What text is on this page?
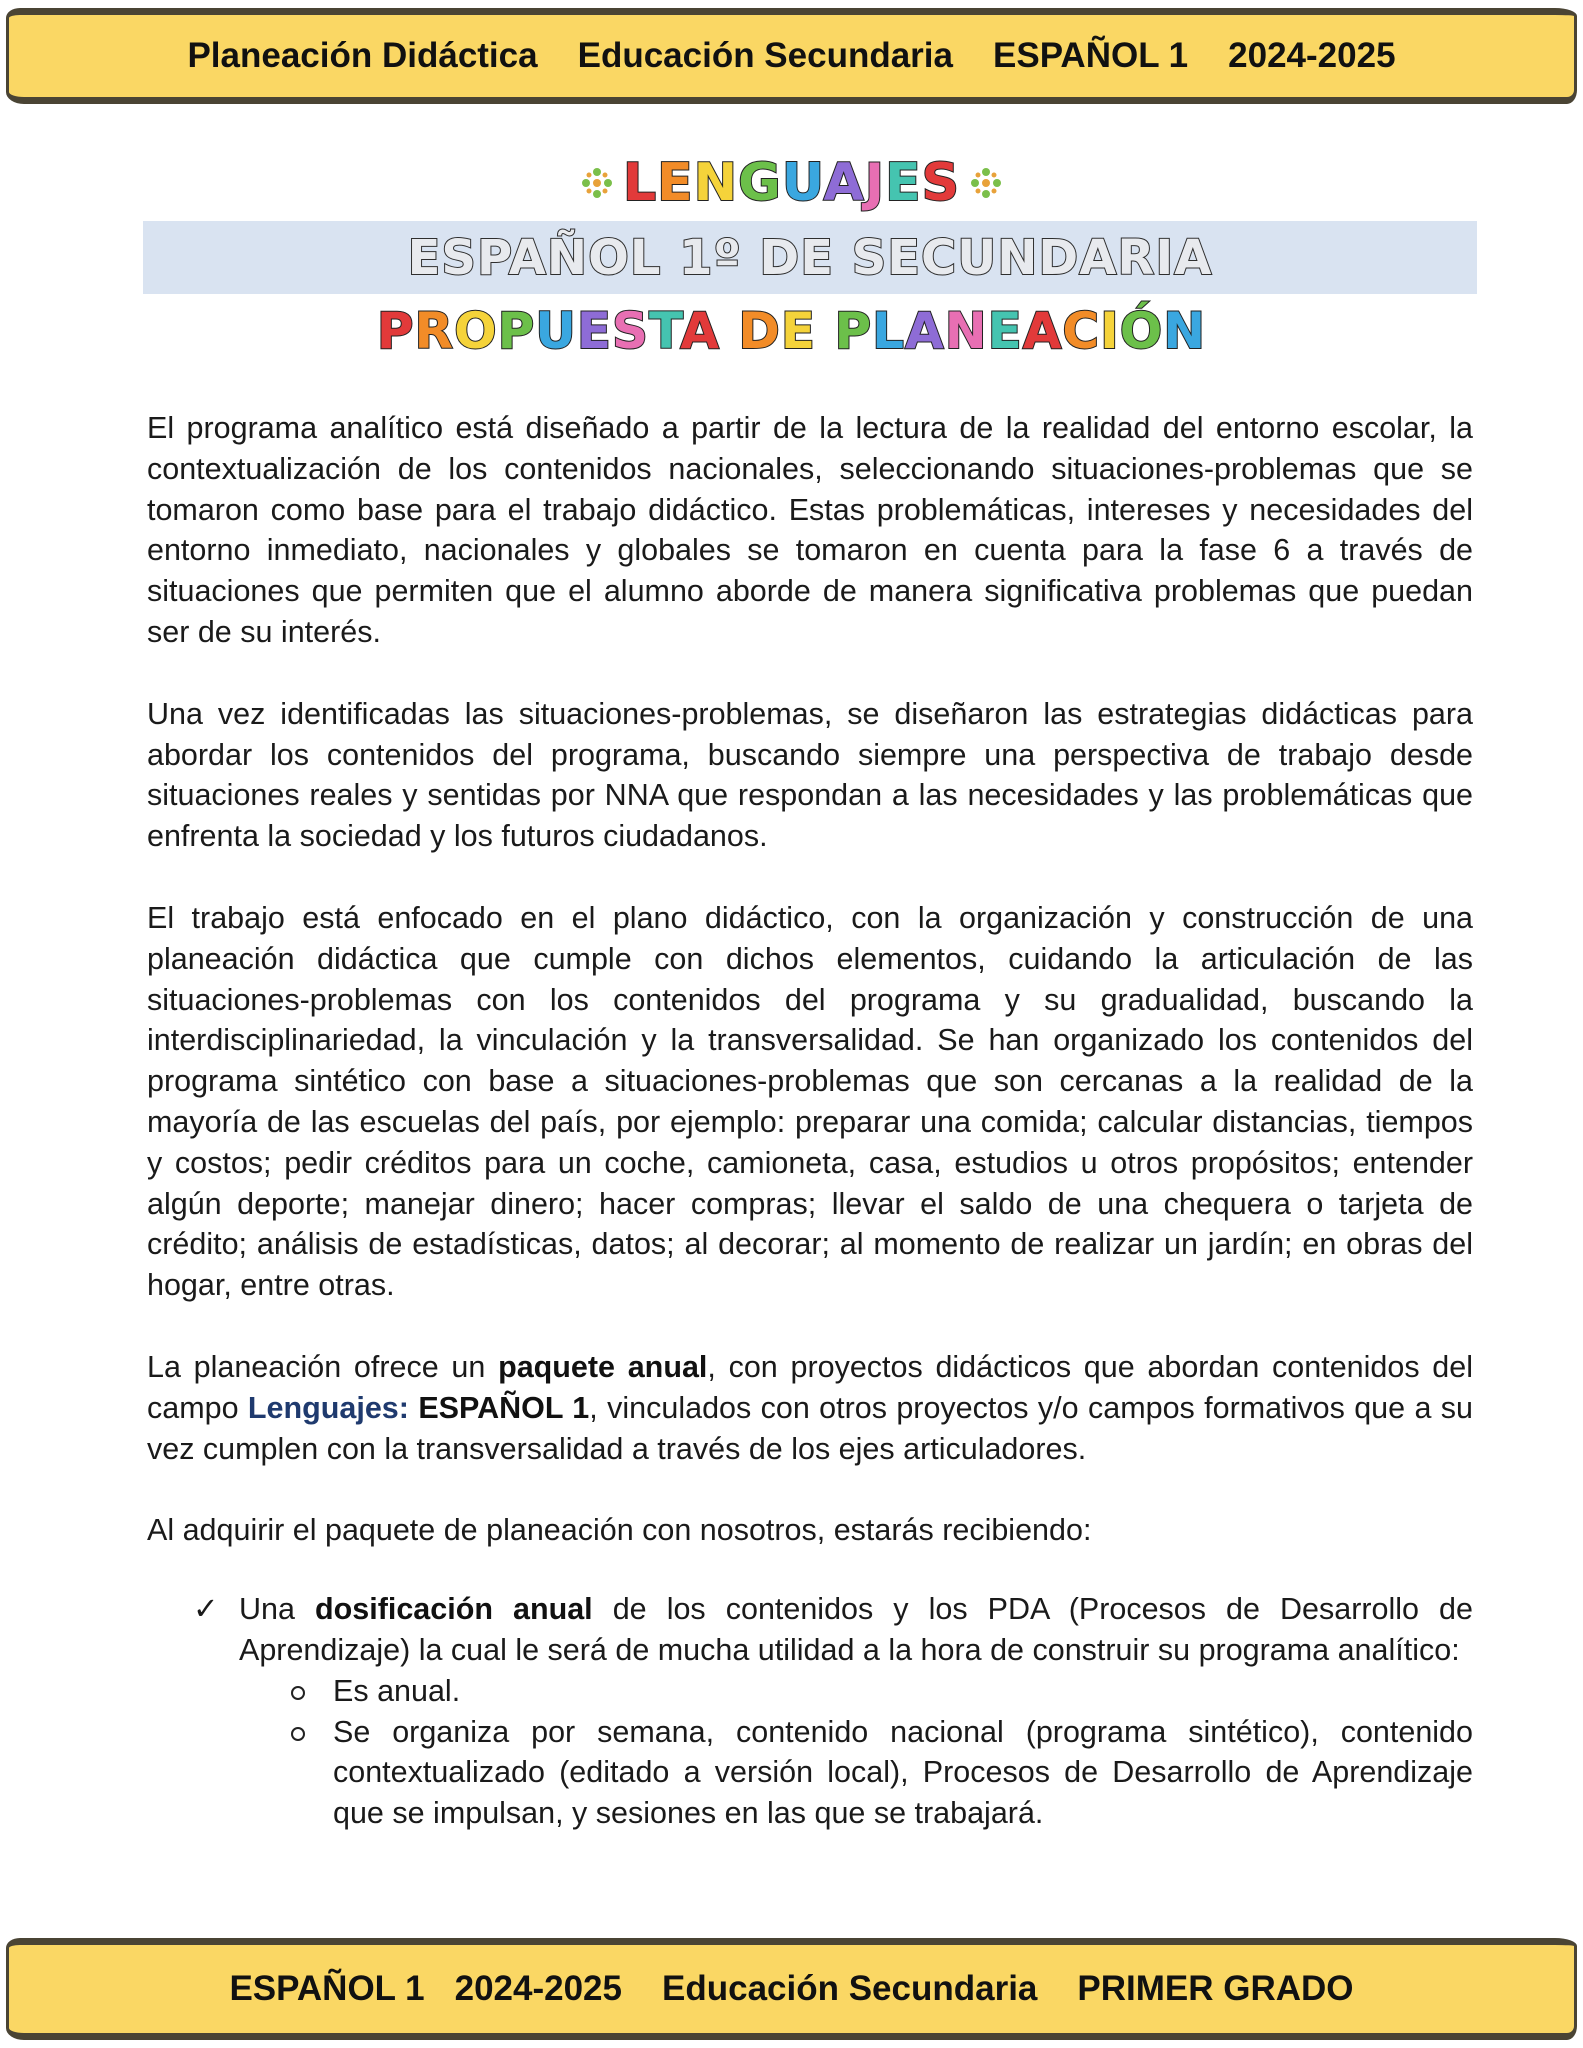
Planeación Didáctica Educación Secundaria ESPAÑOL 1 2024-2025
LENGUAJES
ESPAÑOL 1º DE SECUNDARIA
PROPUESTA DE PLANEACIÓN

El programa analítico está diseñado a partir de la lectura de la realidad del entorno escolar, la contextualización de los contenidos nacionales, seleccionando situaciones-problemas que se tomaron como base para el trabajo didáctico. Estas problemáticas, intereses y necesidades del entorno inmediato, nacionales y globales se tomaron en cuenta para la fase 6 a través de situaciones que permiten que el alumno aborde de manera significativa problemas que puedan ser de su interés.

Una vez identificadas las situaciones-problemas, se diseñaron las estrategias didácticas para abordar los contenidos del programa, buscando siempre una perspectiva de trabajo desde situaciones reales y sentidas por NNA que respondan a las necesidades y las problemáticas que enfrenta la sociedad y los futuros ciudadanos.

El trabajo está enfocado en el plano didáctico, con la organización y construcción de una planeación didáctica que cumple con dichos elementos, cuidando la articulación de las situaciones-problemas con los contenidos del programa y su gradualidad, buscando la interdisciplinariedad, la vinculación y la transversalidad. Se han organizado los contenidos del programa sintético con base a situaciones-problemas que son cercanas a la realidad de la mayoría de las escuelas del país, por ejemplo: preparar una comida; calcular distancias, tiempos y costos; pedir créditos para un coche, camioneta, casa, estudios u otros propósitos; entender algún deporte; manejar dinero; hacer compras; llevar el saldo de una chequera o tarjeta de crédito; análisis de estadísticas, datos; al decorar; al momento de realizar un jardín; en obras del hogar, entre otras.

La planeación ofrece un paquete anual, con proyectos didácticos que abordan contenidos del campo Lenguajes: ESPAÑOL 1, vinculados con otros proyectos y/o campos formativos que a su vez cumplen con la transversalidad a través de los ejes articuladores.

Al adquirir el paquete de planeación con nosotros, estarás recibiendo:

✓ Una dosificación anual de los contenidos y los PDA (Procesos de Desarrollo de Aprendizaje) la cual le será de mucha utilidad a la hora de construir su programa analítico:
Es anual.
Se organiza por semana, contenido nacional (programa sintético), contenido contextualizado (editado a versión local), Procesos de Desarrollo de Aprendizaje que se impulsan, y sesiones en las que se trabajará.
ESPAÑOL 1 2024-2025 Educación Secundaria PRIMER GRADO
